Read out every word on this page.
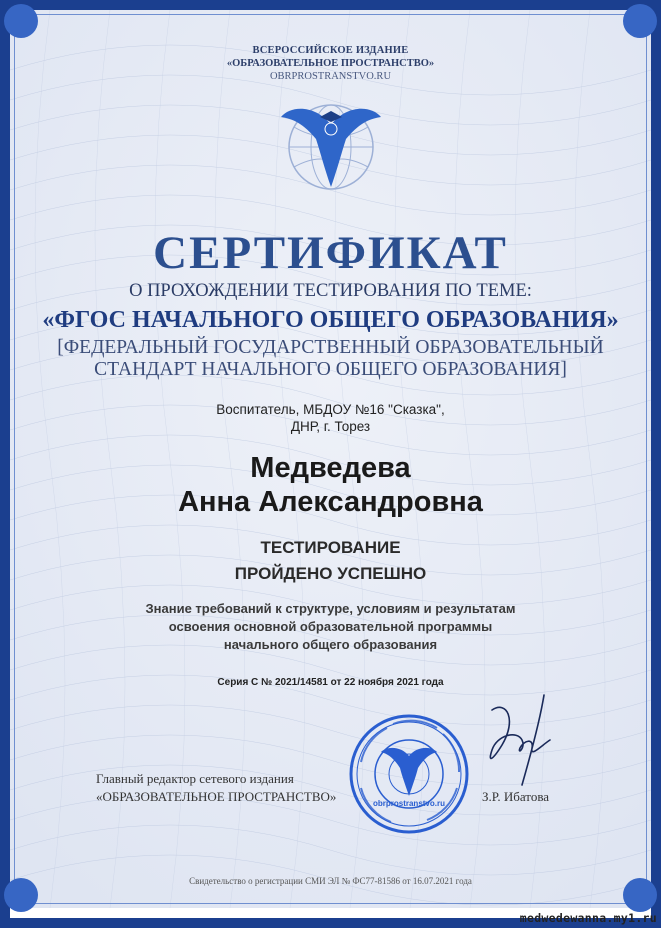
ВСЕРОССИЙСКОЕ ИЗДАНИЕ

«ОБРАЗОВАТЕЛЬНОЕ ПРОСТРАНСТВО»

OBRPROSTRANSTVO.RU

СЕРТИФИКАТ

О ПРОХОЖДЕНИИ ТЕСТИРОВАНИЯ ПО ТЕМЕ:

«ФГОС НАЧАЛЬНОГО ОБЩЕГО ОБРАЗОВАНИЯ»

[ФЕДЕРАЛЬНЫЙ ГОСУДАРСТВЕННЫЙ ОБРАЗОВАТЕЛЬНЫЙ

СТАНДАРТ НАЧАЛЬНОГО ОБЩЕГО ОБРАЗОВАНИЯ]

Воспитатель, МБДОУ №16 "Сказка",

ДНР, г. Торез

Медведева

Анна Александровна

ТЕСТИРОВАНИЕ

ПРОЙДЕНО УСПЕШНО

Знание требований к структуре, условиям и результатам

освоения основной образовательной программы

начального общего образования

Серия С № 2021/14581 от 22 ноября 2021 года

obrprostranstvo.ru
Главный редактор сетевого издания
«ОБРАЗОВАТЕЛЬНОЕ ПРОСТРАНСТВО»	З.Р. Ибатова

Свидетельство о регистрации СМИ ЭЛ № ФС77-81586 от 16.07.2021 года

medwedewanna.my1.ru
